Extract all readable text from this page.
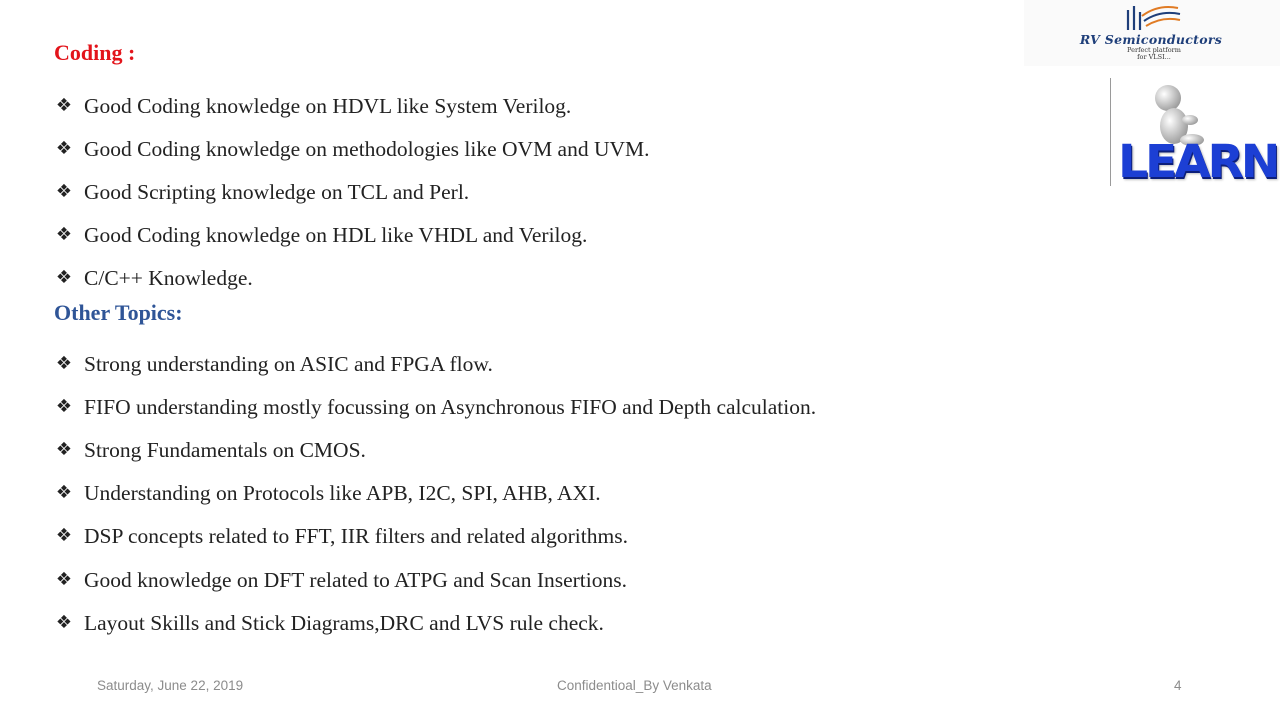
Coding :
❖ Good Coding knowledge on HDVL like System Verilog.
❖ Good Coding knowledge on methodologies like OVM and UVM.
❖ Good Scripting knowledge on TCL and Perl.
❖ Good Coding knowledge on HDL like VHDL and Verilog.
❖ C/C++ Knowledge.
Other Topics:
❖ Strong understanding on ASIC and FPGA flow.
❖ FIFO understanding mostly focussing on Asynchronous FIFO and Depth calculation.
❖ Strong Fundamentals on CMOS.
❖ Understanding on Protocols like APB, I2C, SPI, AHB, AXI.
❖ DSP concepts related to FFT, IIR filters and related algorithms.
❖ Good knowledge on DFT related to ATPG and Scan Insertions.
❖ Layout Skills and Stick Diagrams,DRC and LVS rule check.
RV Semiconductors
Perfect platform
for VLSI...
LEARN
Saturday, June 22, 2019	Confidentioal_By Venkata	4
